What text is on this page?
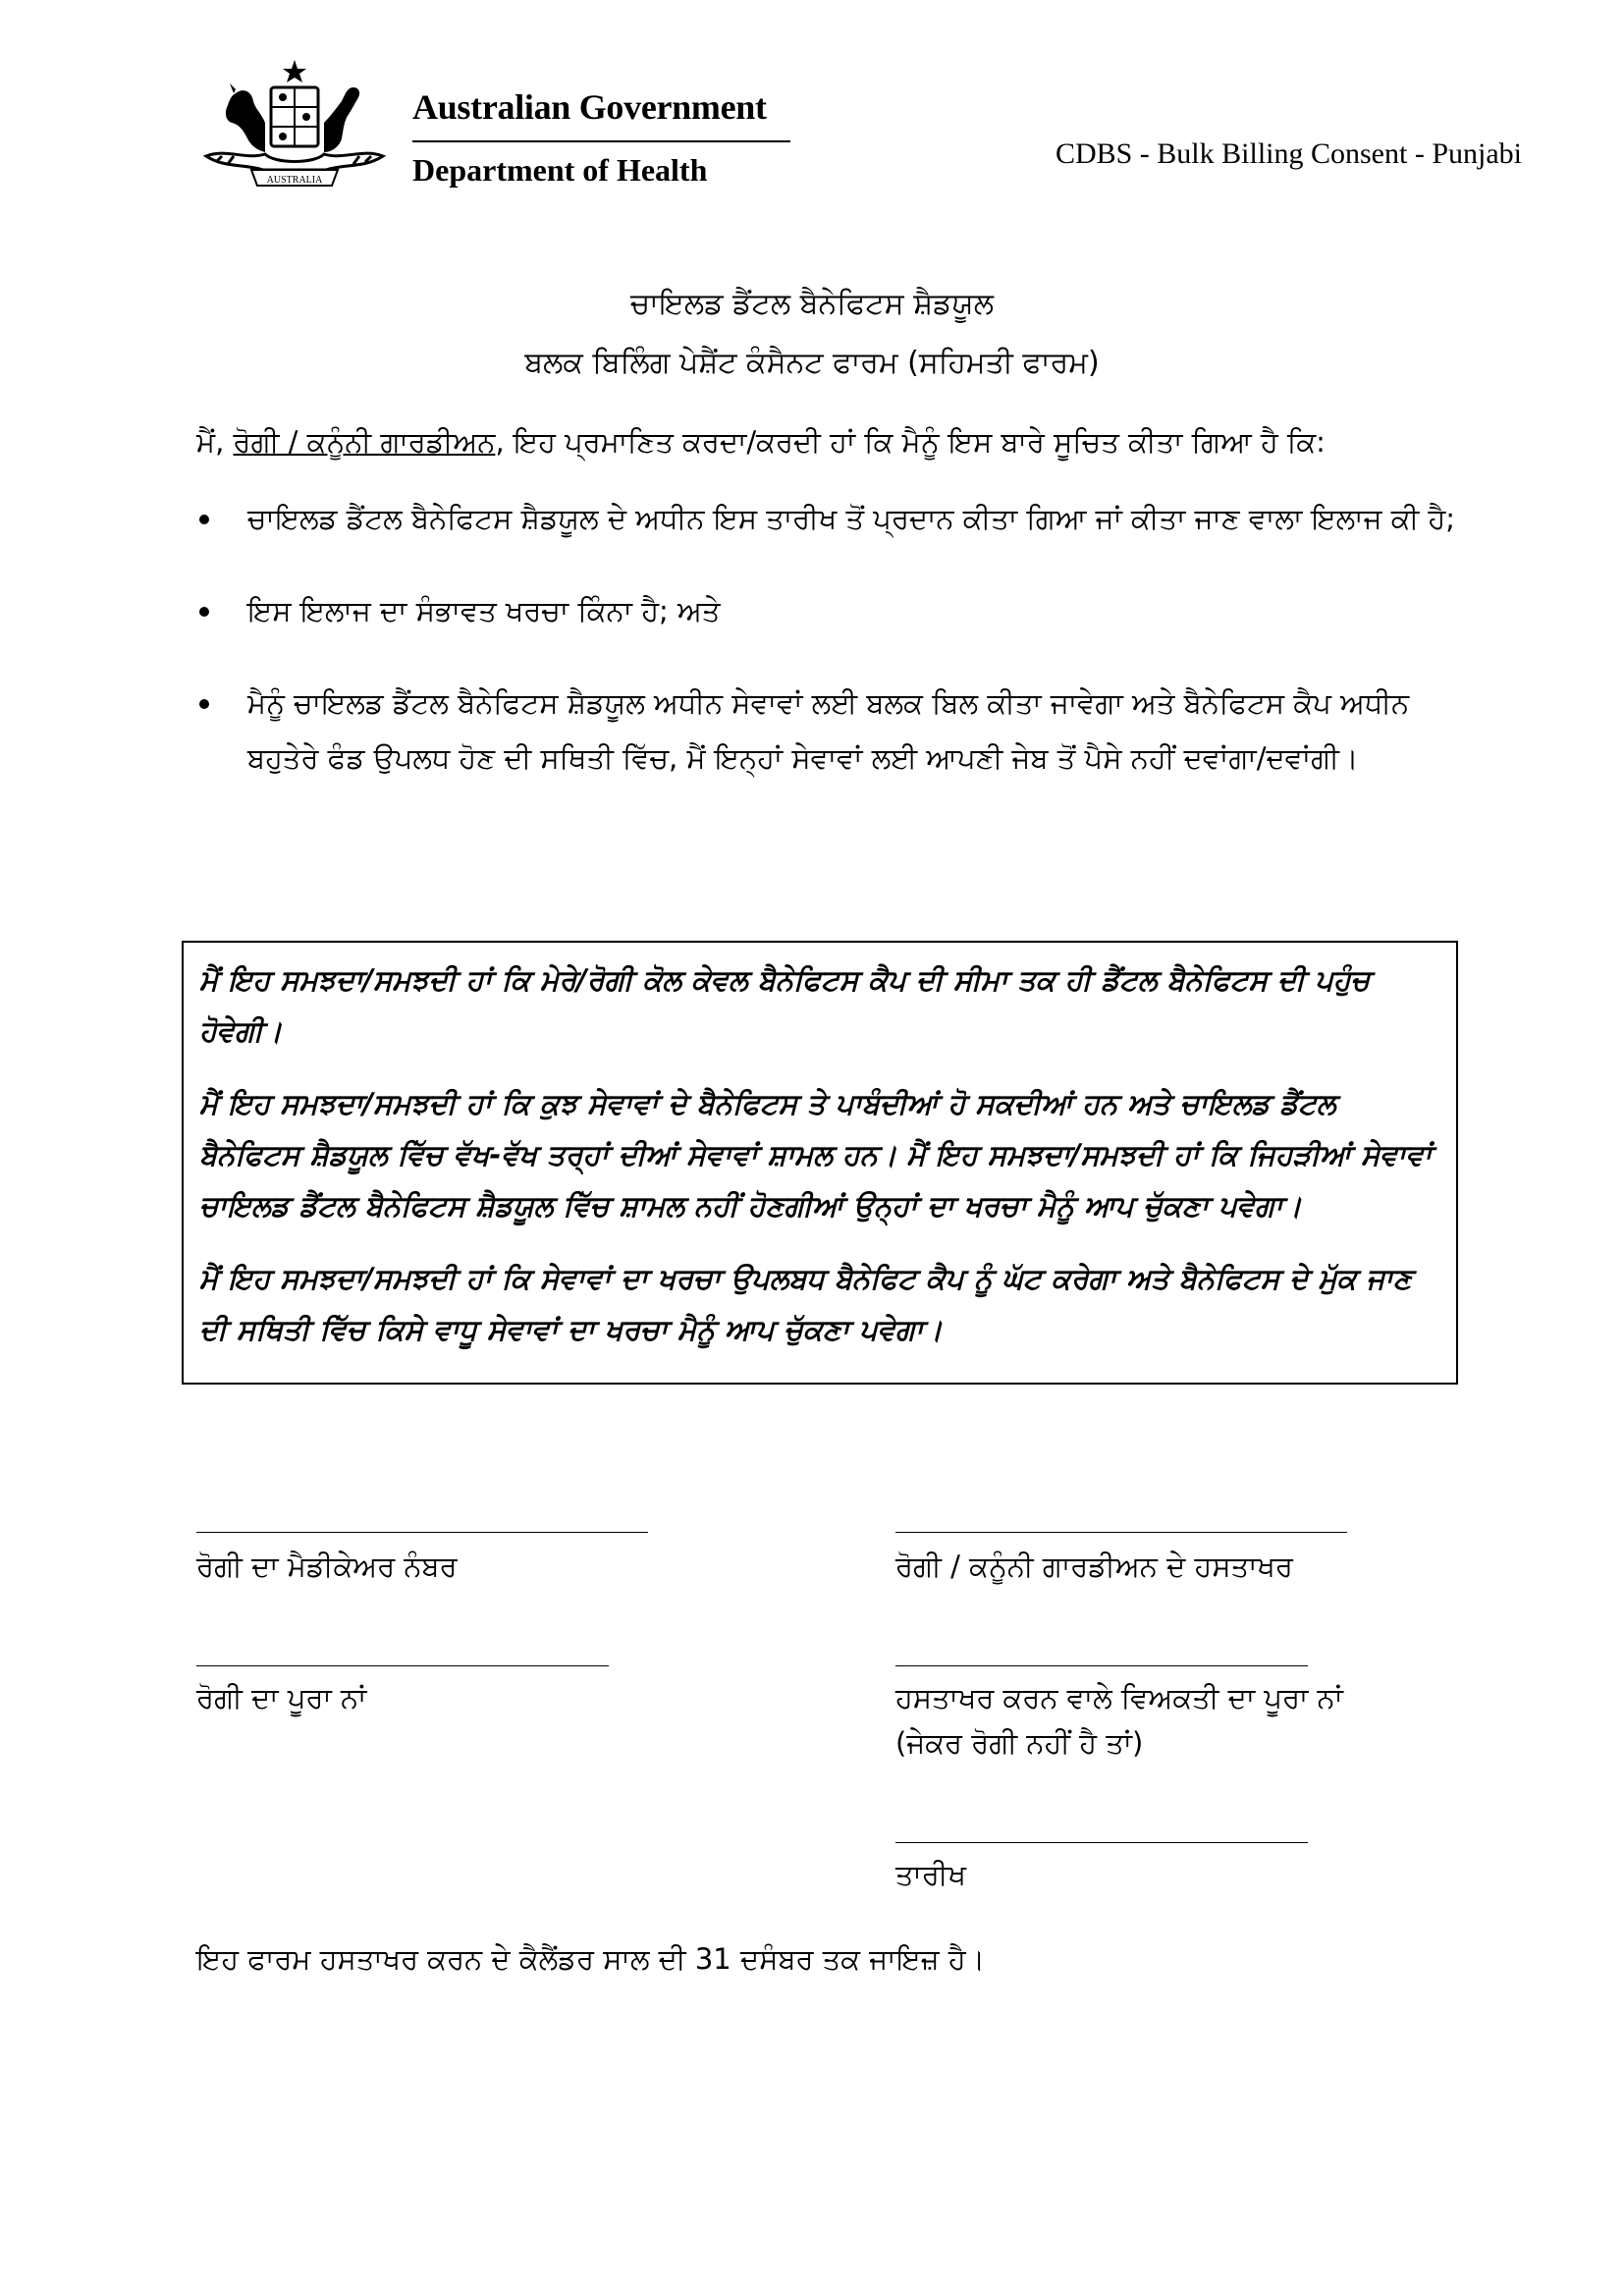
AUSTRALIA
Australian Government
Department of Health	CDBS - Bulk Billing Consent - Punjabi
ਚਾਇਲਡ ਡੈਂਟਲ ਬੈਨੇਫਿਟਸ ਸ਼ੈਡਯੂਲ
ਬਲਕ ਬਿਲਿੰਗ ਪੇਸ਼ੈਂਟ ਕੰਸੈਨਟ ਫਾਰਮ (ਸਹਿਮਤੀ ਫਾਰਮ)
ਮੈਂ, ਰੋਗੀ / ਕਨੂੰਨੀ ਗਾਰਡੀਅਨ, ਇਹ ਪ੍ਰਮਾਣਿਤ ਕਰਦਾ/ਕਰਦੀ ਹਾਂ ਕਿ ਮੈਨੂੰ ਇਸ ਬਾਰੇ ਸੂਚਿਤ ਕੀਤਾ ਗਿਆ ਹੈ ਕਿ:
ਚਾਇਲਡ ਡੈਂਟਲ ਬੈਨੇਫਿਟਸ ਸ਼ੈਡਯੂਲ ਦੇ ਅਧੀਨ ਇਸ ਤਾਰੀਖ ਤੋਂ ਪ੍ਰਦਾਨ ਕੀਤਾ ਗਿਆ ਜਾਂ ਕੀਤਾ ਜਾਣ ਵਾਲਾ ਇਲਾਜ ਕੀ ਹੈ;
ਇਸ ਇਲਾਜ ਦਾ ਸੰਭਾਵਤ ਖਰਚਾ ਕਿੰਨਾ ਹੈ; ਅਤੇ
ਮੈਨੂੰ ਚਾਇਲਡ ਡੈਂਟਲ ਬੈਨੇਫਿਟਸ ਸ਼ੈਡਯੂਲ ਅਧੀਨ ਸੇਵਾਵਾਂ ਲਈ ਬਲਕ ਬਿਲ ਕੀਤਾ ਜਾਵੇਗਾ ਅਤੇ ਬੈਨੇਫਿਟਸ ਕੈਪ ਅਧੀਨ ਬਹੁਤੇਰੇ ਫੰਡ ਉਪਲਧ ਹੋਣ ਦੀ ਸਥਿਤੀ ਵਿੱਚ, ਮੈਂ ਇਨ੍ਹਾਂ ਸੇਵਾਵਾਂ ਲਈ ਆਪਣੀ ਜੇਬ ਤੋਂ ਪੈਸੇ ਨਹੀਂ ਦਵਾਂਗਾ/ਦਵਾਂਗੀ।

ਮੈਂ ਇਹ ਸਮਝਦਾ/ਸਮਝਦੀ ਹਾਂ ਕਿ ਮੇਰੇ/ਰੋਗੀ ਕੋਲ ਕੇਵਲ ਬੈਨੇਫਿਟਸ ਕੈਪ ਦੀ ਸੀਮਾ ਤਕ ਹੀ ਡੈਂਟਲ ਬੈਨੇਫਿਟਸ ਦੀ ਪਹੁੰਚ ਹੋਵੇਗੀ।

ਮੈਂ ਇਹ ਸਮਝਦਾ/ਸਮਝਦੀ ਹਾਂ ਕਿ ਕੁਝ ਸੇਵਾਵਾਂ ਦੇ ਬੈਨੇਫਿਟਸ ਤੇ ਪਾਬੰਦੀਆਂ ਹੋ ਸਕਦੀਆਂ ਹਨ ਅਤੇ ਚਾਇਲਡ ਡੈਂਟਲ ਬੈਨੇਫਿਟਸ ਸ਼ੈਡਯੂਲ ਵਿੱਚ ਵੱਖ-ਵੱਖ ਤਰ੍ਹਾਂ ਦੀਆਂ ਸੇਵਾਵਾਂ ਸ਼ਾਮਲ ਹਨ। ਮੈਂ ਇਹ ਸਮਝਦਾ/ਸਮਝਦੀ ਹਾਂ ਕਿ ਜਿਹੜੀਆਂ ਸੇਵਾਵਾਂ ਚਾਇਲਡ ਡੈਂਟਲ ਬੈਨੇਫਿਟਸ ਸ਼ੈਡਯੂਲ ਵਿੱਚ ਸ਼ਾਮਲ ਨਹੀਂ ਹੋਣਗੀਆਂ ਉਨ੍ਹਾਂ ਦਾ ਖਰਚਾ ਮੈਨੂੰ ਆਪ ਚੁੱਕਣਾ ਪਵੇਗਾ।

ਮੈਂ ਇਹ ਸਮਝਦਾ/ਸਮਝਦੀ ਹਾਂ ਕਿ ਸੇਵਾਵਾਂ ਦਾ ਖਰਚਾ ਉਪਲਬਧ ਬੈਨੇਫਿਟ ਕੈਪ ਨੂੰ ਘੱਟ ਕਰੇਗਾ ਅਤੇ ਬੈਨੇਫਿਟਸ ਦੇ ਮੁੱਕ ਜਾਣ ਦੀ ਸਥਿਤੀ ਵਿੱਚ ਕਿਸੇ ਵਾਧੂ ਸੇਵਾਵਾਂ ਦਾ ਖਰਚਾ ਮੈਨੂੰ ਆਪ ਚੁੱਕਣਾ ਪਵੇਗਾ।

ਰੋਗੀ ਦਾ ਮੈਡੀਕੇਅਰ ਨੰਬਰ	ਰੋਗੀ / ਕਨੂੰਨੀ ਗਾਰਡੀਅਨ ਦੇ ਹਸਤਾਖਰ
ਰੋਗੀ ਦਾ ਪੂਰਾ ਨਾਂ	ਹਸਤਾਖਰ ਕਰਨ ਵਾਲੇ ਵਿਅਕਤੀ ਦਾ ਪੂਰਾ ਨਾਂ
(ਜੇਕਰ ਰੋਗੀ ਨਹੀਂ ਹੈ ਤਾਂ)
ਤਾਰੀਖ
ਇਹ ਫਾਰਮ ਹਸਤਾਖਰ ਕਰਨ ਦੇ ਕੈਲੈਂਡਰ ਸਾਲ ਦੀ 31 ਦਸੰਬਰ ਤਕ ਜਾਇਜ਼ ਹੈ।
